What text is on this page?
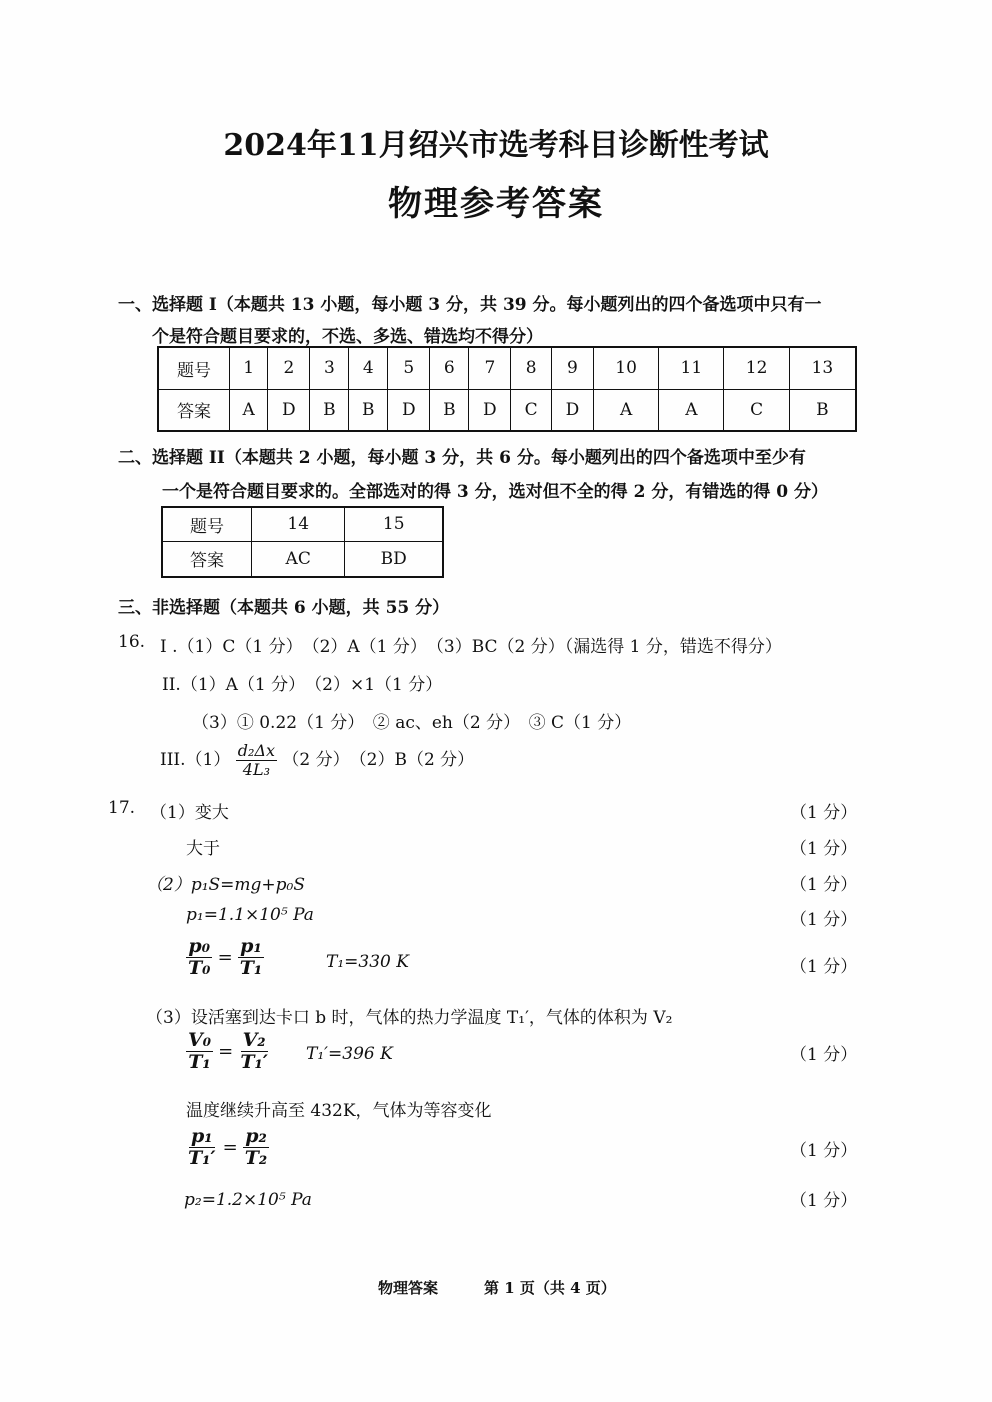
2024年11月绍兴市选考科目诊断性考试
物理参考答案
一、选择题 I（本题共 13 小题，每小题 3 分，共 39 分。每小题列出的四个备选项中只有一
个是符合题目要求的，不选、多选、错选均不得分）
题号	1	2	3	4	5	6	7	8	9	10	11	12	13
答案	A	D	B	B	D	B	D	C	D	A	A	C	B
二、选择题 II（本题共 2 小题，每小题 3 分，共 6 分。每小题列出的四个备选项中至少有
一个是符合题目要求的。全部选对的得 3 分，选对但不全的得 2 分，有错选的得 0 分）
题号	14	15
答案	AC	BD
三、非选择题（本题共 6 小题，共 55 分）
16. I .（1）C（1 分）　（2）A（1 分）　（3）BC（2 分）（漏选得 1 分，错选不得分）
II.（1）A（1 分）　（2）×1（1 分）
（3）① 0.22（1 分）　② ac、eh（2 分）　③ C（1 分）
$III.(1) \frac{\text{d₂Δx}}{\text{4L₃}} (2$ 分）　（2）B（2 分）
17. （1）变大	（1 分）
大于	（1 分）
（2）p₁S=mg+p₀S	（1 分）
p₁=1.1×10⁵ Pa	（1 分）
$\frac{\text{p₀}}{\text{T₀}} = \frac{\text{p₁}}{\text{T₁}}$	T₁=330 K	（1 分）
（3）设活塞到达卡口 b 时，气体的热力学温度 T₁′，气体的体积为 V₂
$\frac{\text{V₀}}{\text{T₁}} = \frac{\text{V₂}}{\text{T₁′}} T_1'=396$ K	（1 分）
温度继续升高至 432K，气体为等容变化
$\frac{\text{p₁}}{\text{T₁′}} = \frac{\text{p₂}}{\text{T₂}}$	（1 分）
p₂=1.2×10⁵ Pa	（1 分）
物理答案	第 1 页（共 4 页）
